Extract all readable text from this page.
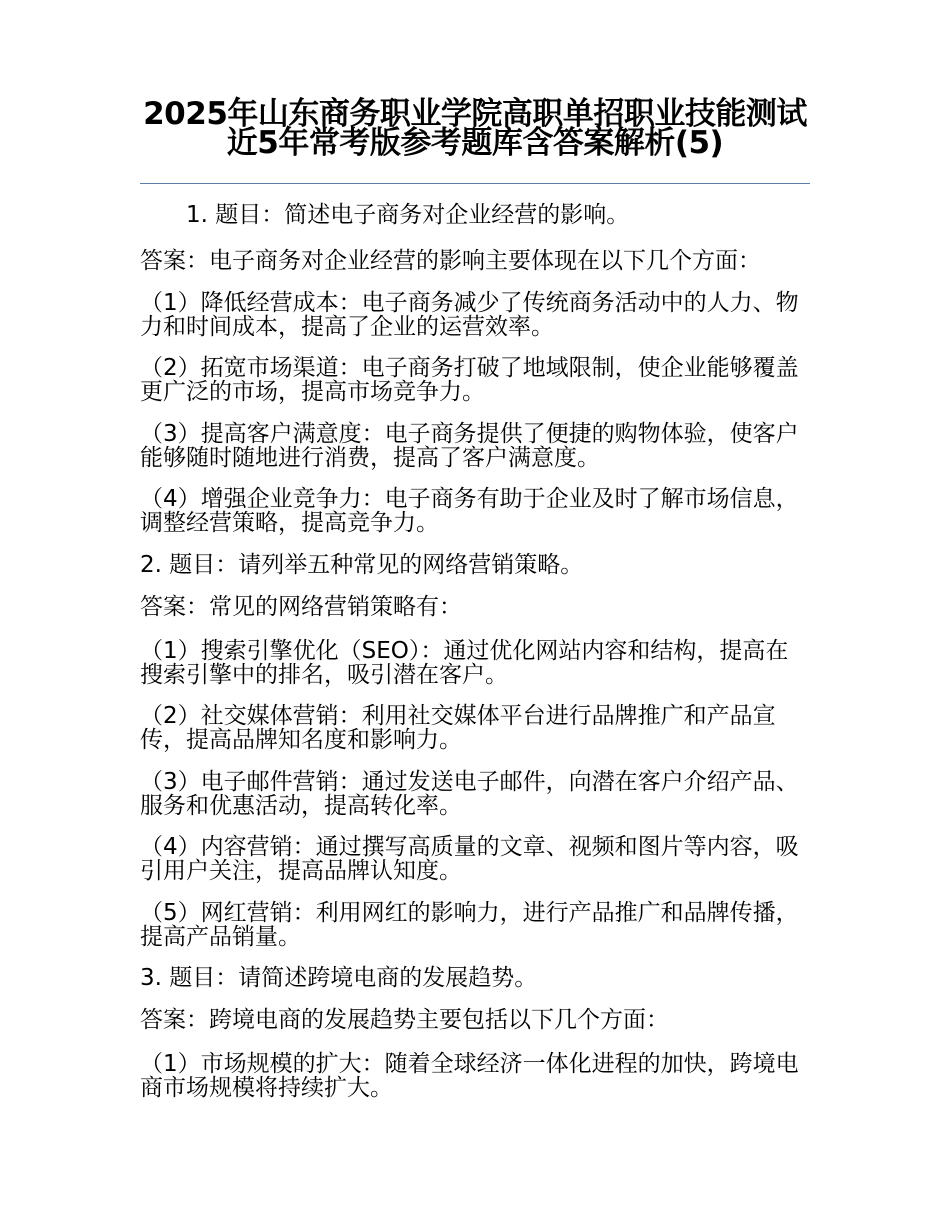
2025年山东商务职业学院高职单招职业技能测试近5年常考版参考题库含答案解析(5)

1. 题目：简述电子商务对企业经营的影响。

答案：电子商务对企业经营的影响主要体现在以下几个方面：

（1）降低经营成本：电子商务减少了传统商务活动中的人力、物力和时间成本，提高了企业的运营效率。

（2）拓宽市场渠道：电子商务打破了地域限制，使企业能够覆盖更广泛的市场，提高市场竞争力。

（3）提高客户满意度：电子商务提供了便捷的购物体验，使客户能够随时随地进行消费，提高了客户满意度。

（4）增强企业竞争力：电子商务有助于企业及时了解市场信息，调整经营策略，提高竞争力。

2. 题目：请列举五种常见的网络营销策略。

答案：常见的网络营销策略有：

（1）搜索引擎优化（SEO）：通过优化网站内容和结构，提高在搜索引擎中的排名，吸引潜在客户。

（2）社交媒体营销：利用社交媒体平台进行品牌推广和产品宣传，提高品牌知名度和影响力。

（3）电子邮件营销：通过发送电子邮件，向潜在客户介绍产品、服务和优惠活动，提高转化率。

（4）内容营销：通过撰写高质量的文章、视频和图片等内容，吸引用户关注，提高品牌认知度。

（5）网红营销：利用网红的影响力，进行产品推广和品牌传播，提高产品销量。

3. 题目：请简述跨境电商的发展趋势。

答案：跨境电商的发展趋势主要包括以下几个方面：

（1）市场规模的扩大：随着全球经济一体化进程的加快，跨境电商市场规模将持续扩大。
